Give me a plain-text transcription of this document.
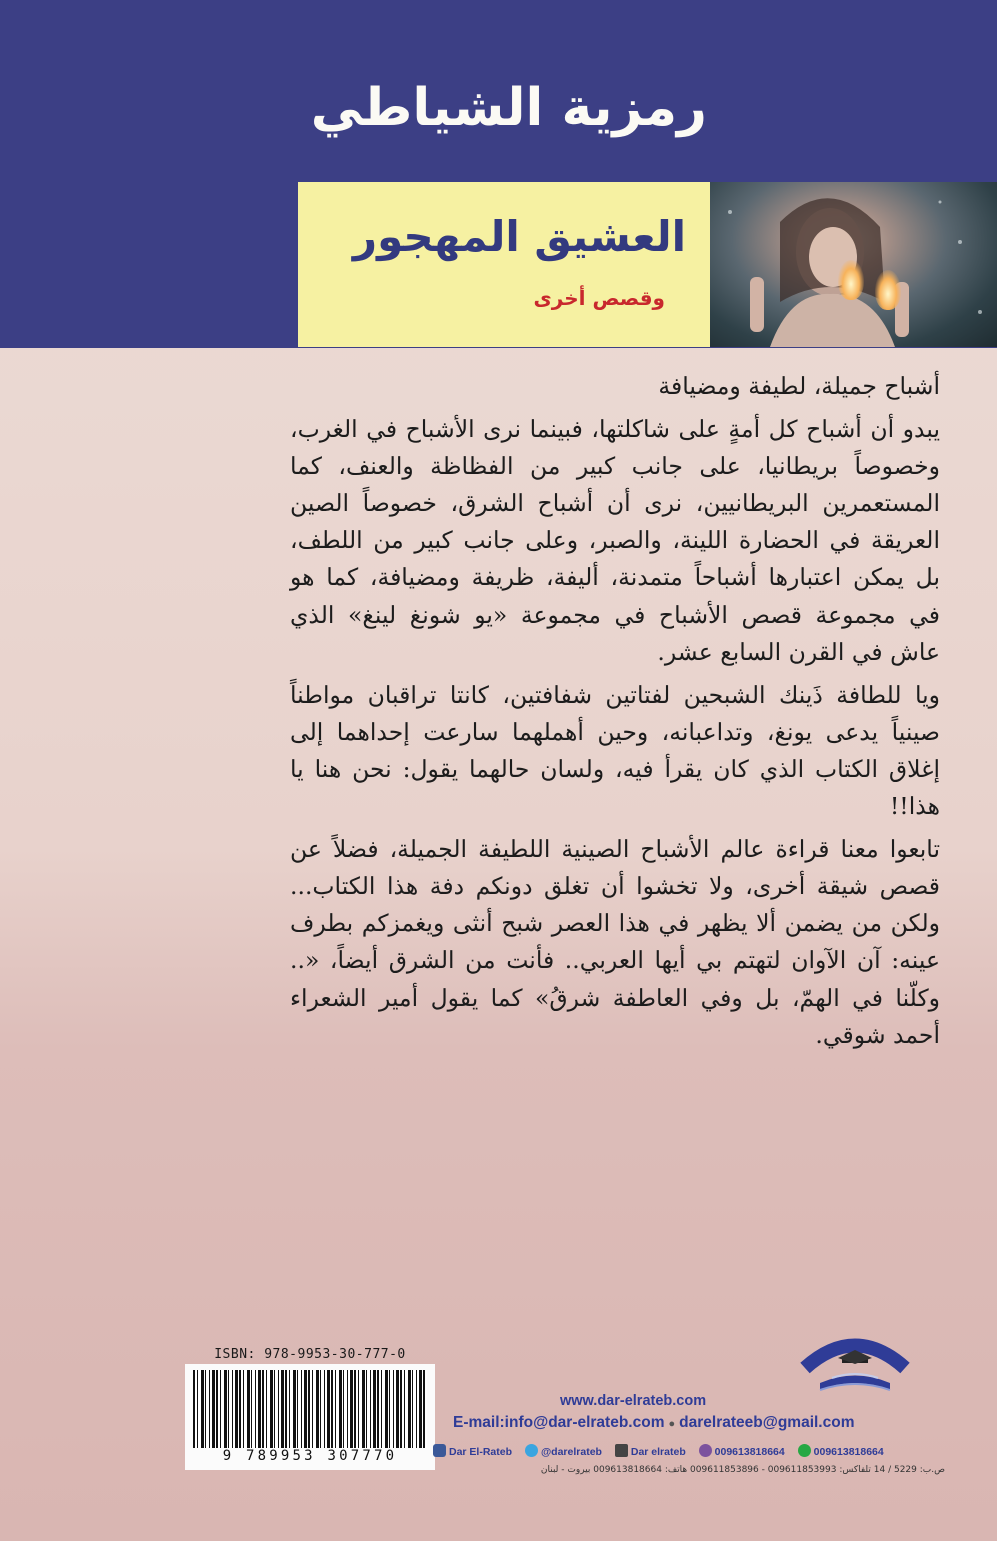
رمزية الشياطي
العشيق المهجور
وقصص أخرى

أشباح جميلة، لطيفة ومضيافة

يبدو أن أشباح كل أمةٍ على شاكلتها، فبينما نرى الأشباح في الغرب، وخصوصاً بريطانيا، على جانب كبير من الفظاظة والعنف، كما المستعمرين البريطانيين، نرى أن أشباح الشرق، خصوصاً الصين العريقة في الحضارة اللينة، والصبر، وعلى جانب كبير من اللطف، بل يمكن اعتبارها أشباحاً متمدنة، أليفة، ظريفة ومضيافة، كما هو في مجموعة قصص الأشباح في مجموعة «يو شونغ لينغ» الذي عاش في القرن السابع عشر.

ويا للطافة ذَينك الشبحين لفتاتين شفافتين، كانتا تراقبان مواطناً صينياً يدعى يونغ، وتداعبانه، وحين أهملهما سارعت إحداهما إلى إغلاق الكتاب الذي كان يقرأ فيه، ولسان حالهما يقول: نحن هنا يا هذا!!

تابعوا معنا قراءة عالم الأشباح الصينية اللطيفة الجميلة، فضلاً عن قصص شيقة أخرى، ولا تخشوا أن تغلق دونكم دفة هذا الكتاب... ولكن من يضمن ألا يظهر في هذا العصر شبح أنثى ويغمزكم بطرف عينه: آن الآوان لتهتم بي أيها العربي.. فأنت من الشرق أيضاً، «.. وكلّنا في الهمّ، بل وفي العاطفة شرقُ» كما يقول أمير الشعراء أحمد شوقي.

ISBN: 978-9953-30-777-0
9 789953 307770
www.dar-elrateb.com
E-mail:info@dar-elrateb.com ● darelrateeb@gmail.com
Dar El-Rateb	@darelrateb	Dar elrateb	009613818664	009613818664
ص.ب: 5229 / 14 تلفاكس: 009611853993 - 009611853896 هاتف: 009613818664 بيروت - لبنان
